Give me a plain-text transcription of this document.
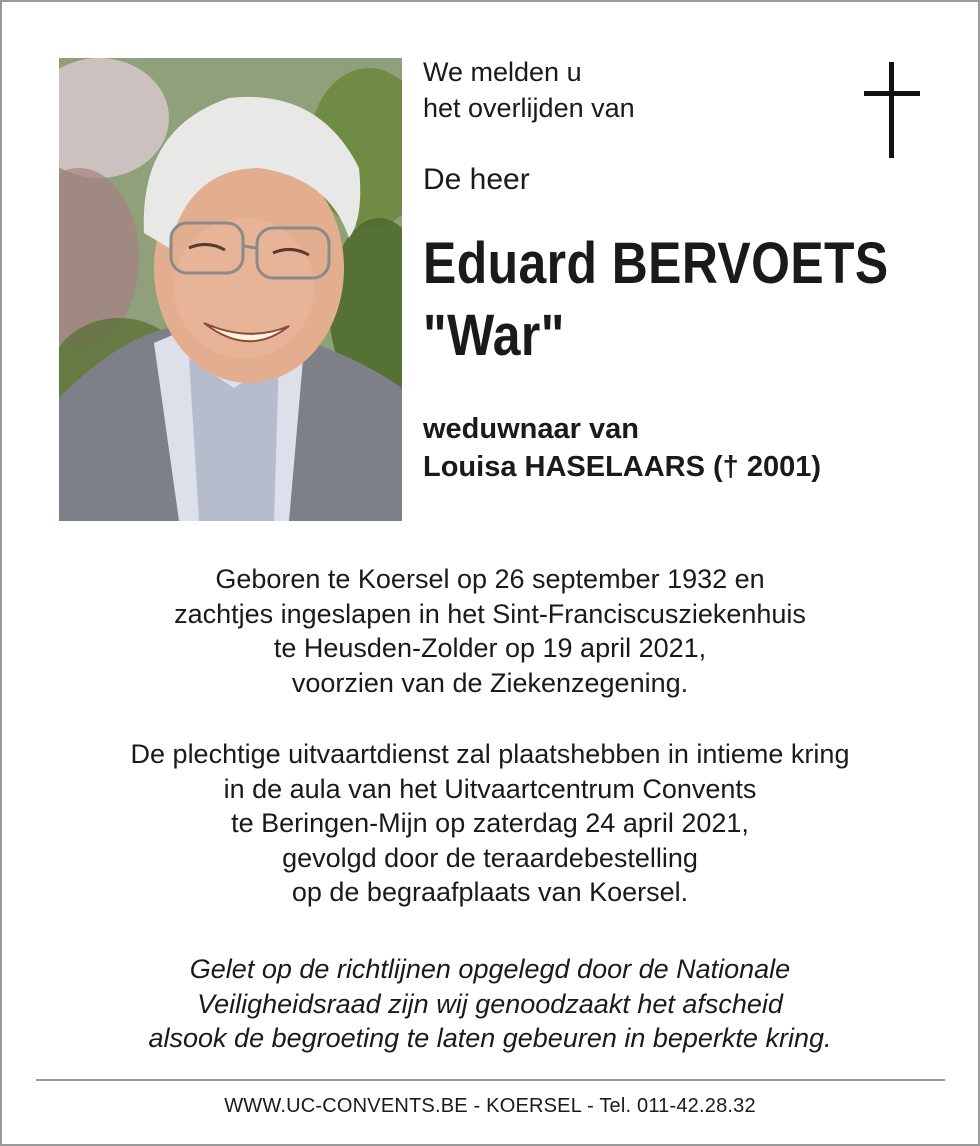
We melden u
het overlijden van
De heer
Eduard BERVOETS
"War"
weduwnaar van
Louisa HASELAARS († 2001)
Geboren te Koersel op 26 september 1932 en
zachtjes ingeslapen in het Sint-Franciscusziekenhuis
te Heusden-Zolder op 19 april 2021,
voorzien van de Ziekenzegening.
De plechtige uitvaartdienst zal plaatshebben in intieme kring
in de aula van het Uitvaartcentrum Convents
te Beringen-Mijn op zaterdag 24 april 2021,
gevolgd door de teraardebestelling
op de begraafplaats van Koersel.
Gelet op de richtlijnen opgelegd door de Nationale
Veiligheidsraad zijn wij genoodzaakt het afscheid
alsook de begroeting te laten gebeuren in beperkte kring.
WWW.UC-CONVENTS.BE - KOERSEL - Tel. 011-42.28.32
